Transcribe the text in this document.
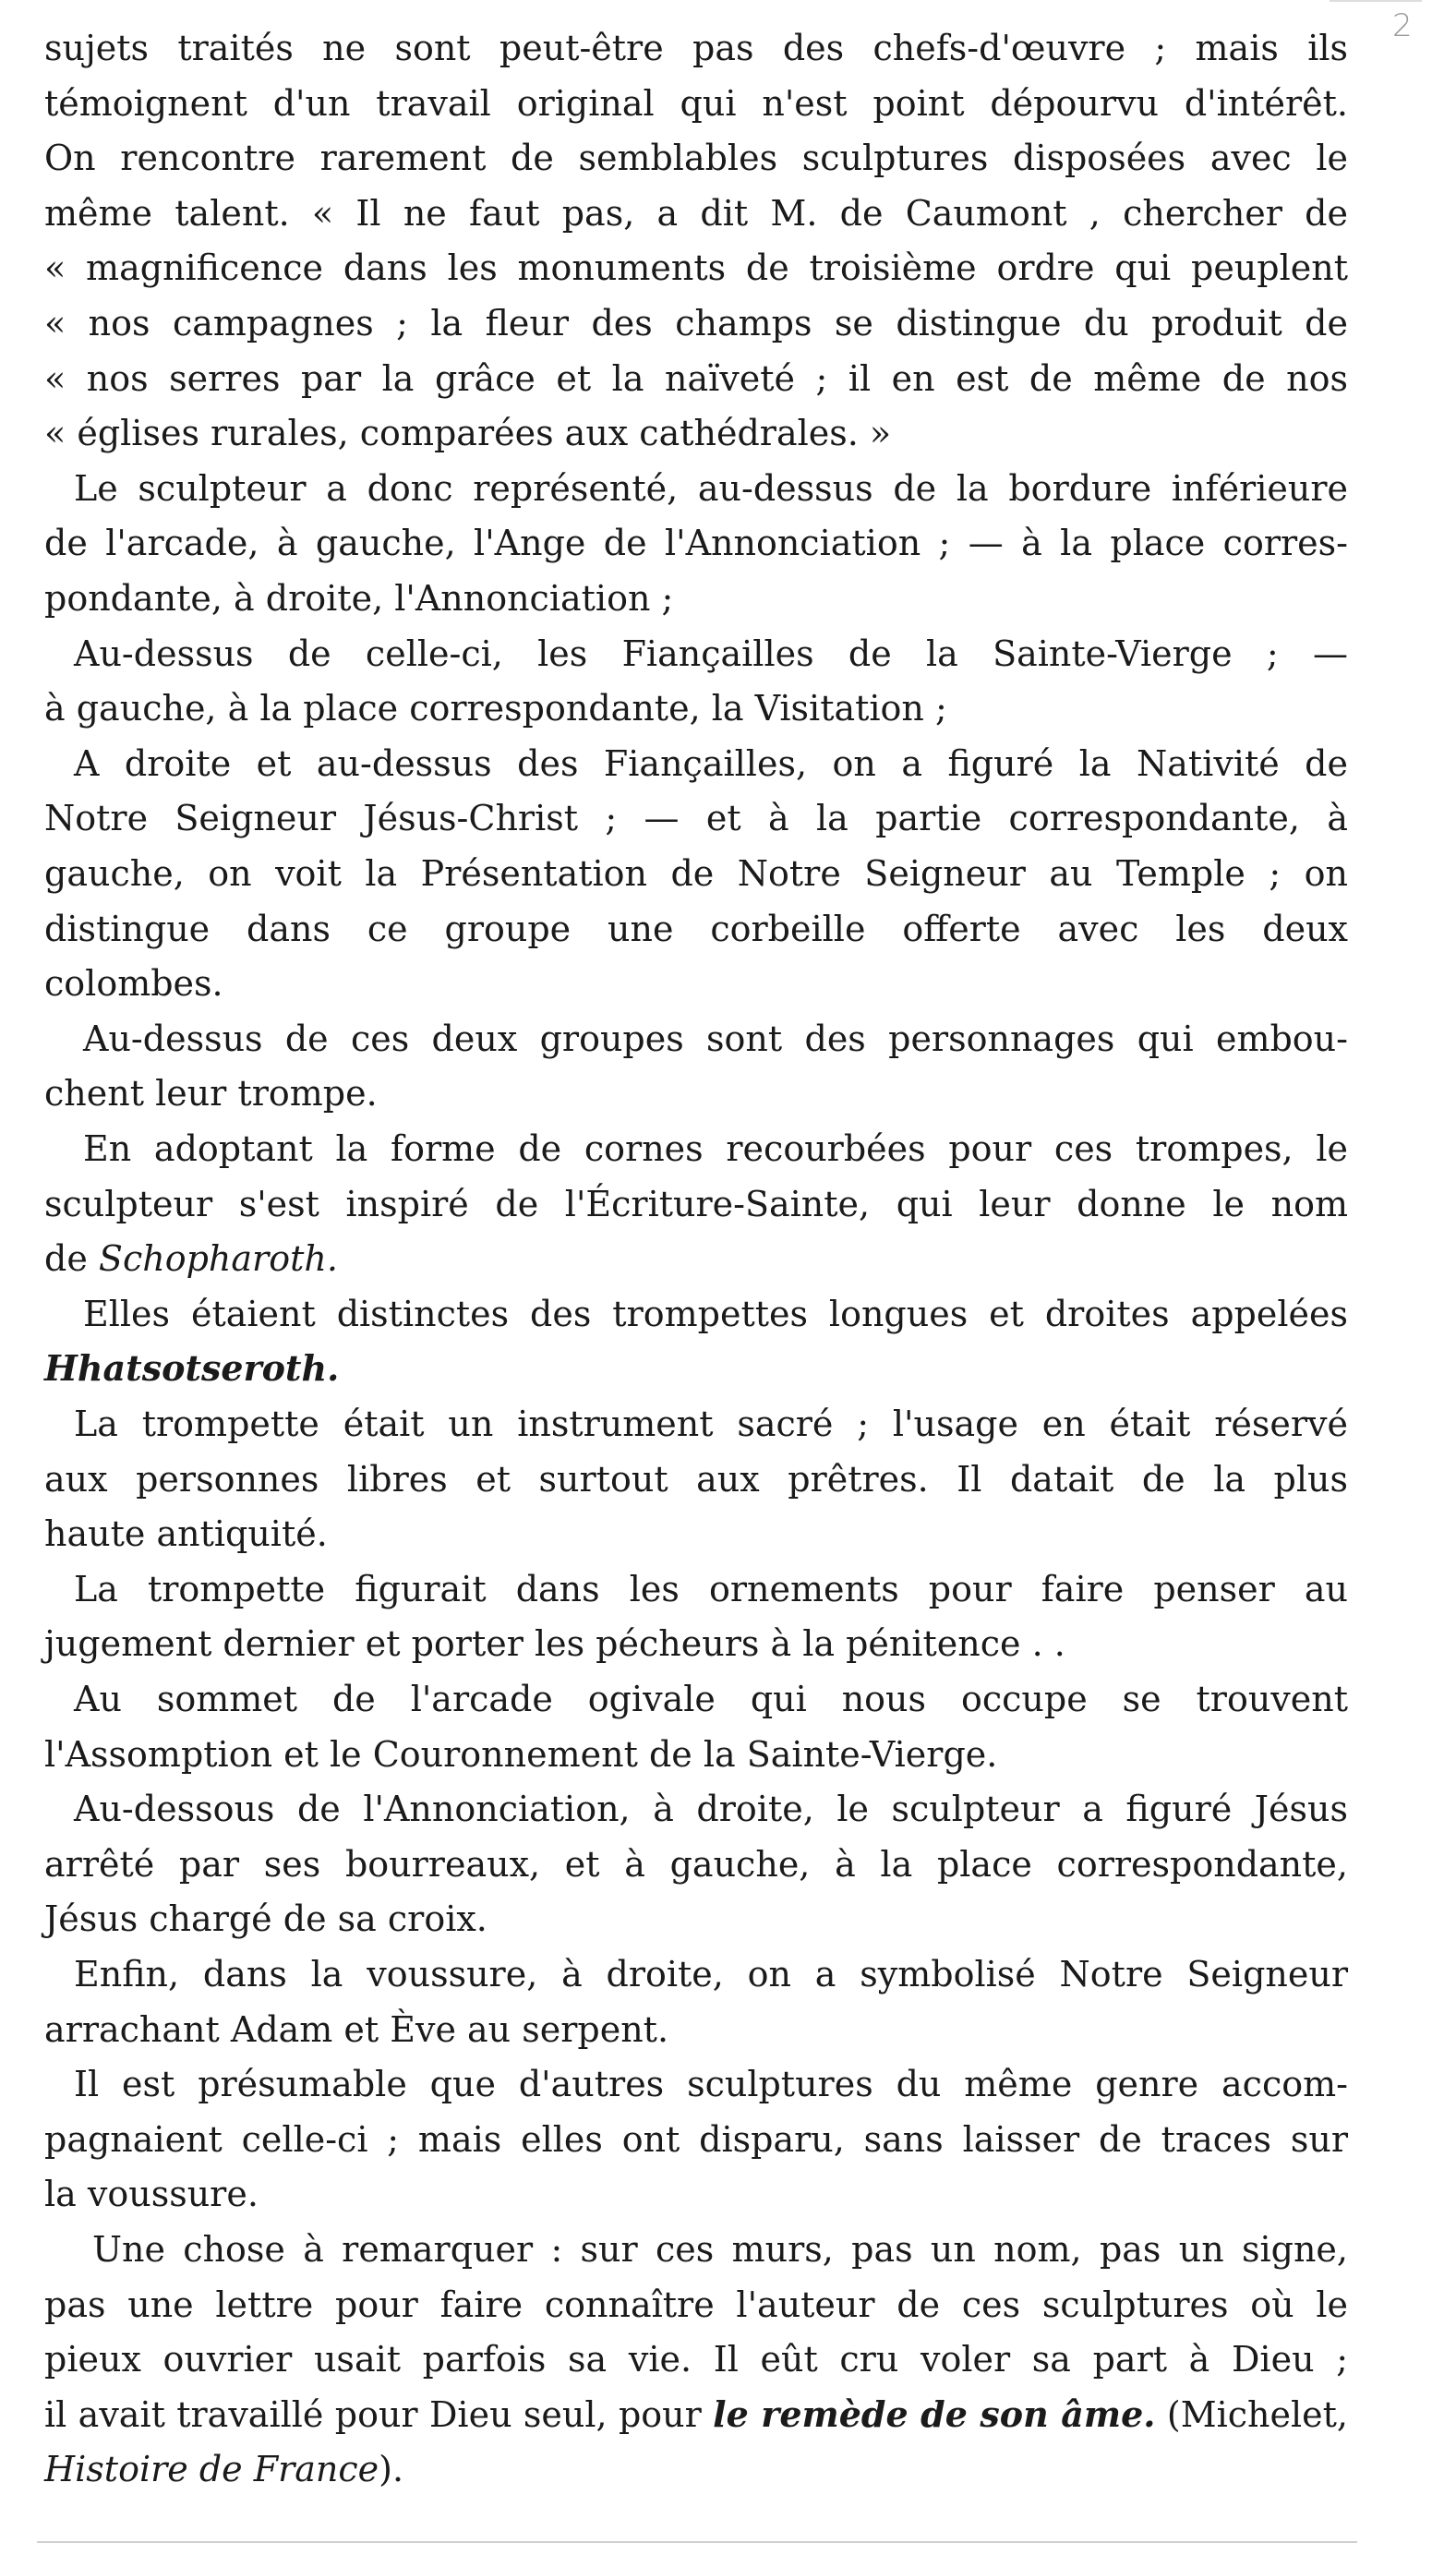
2
sujets traités ne sont peut-être pas des chefs-d'œuvre ; mais ils
témoignent d'un travail original qui n'est point dépourvu d'intérêt.
On rencontre rarement de semblables sculptures disposées avec le
même talent. « Il ne faut pas, a dit M. de Caumont , chercher de
« magnificence dans les monuments de troisième ordre qui peuplent
« nos campagnes ; la fleur des champs se distingue du produit de
« nos serres par la grâce et la naïveté ; il en est de même de nos
« églises rurales, comparées aux cathédrales. »
Le sculpteur a donc représenté, au-dessus de la bordure inférieure
de l'arcade, à gauche, l'Ange de l'Annonciation ; — à la place corres-
pondante, à droite, l'Annonciation ;
Au-dessus de celle-ci, les Fiançailles de la Sainte-Vierge ; —
à gauche, à la place correspondante, la Visitation ;
A droite et au-dessus des Fiançailles, on a figuré la Nativité de
Notre Seigneur Jésus-Christ ; — et à la partie correspondante, à
gauche, on voit la Présentation de Notre Seigneur au Temple ; on
distingue dans ce groupe une corbeille offerte avec les deux
colombes.
Au-dessus de ces deux groupes sont des personnages qui embou-
chent leur trompe.
En adoptant la forme de cornes recourbées pour ces trompes, le
sculpteur s'est inspiré de l'Écriture-Sainte, qui leur donne le nom
de Schopharoth.
Elles étaient distinctes des trompettes longues et droites appelées
Hhatsotseroth.
La trompette était un instrument sacré ; l'usage en était réservé
aux personnes libres et surtout aux prêtres. Il datait de la plus
haute antiquité.
La trompette figurait dans les ornements pour faire penser au
jugement dernier et porter les pécheurs à la pénitence . .
Au sommet de l'arcade ogivale qui nous occupe se trouvent
l'Assomption et le Couronnement de la Sainte-Vierge.
Au-dessous de l'Annonciation, à droite, le sculpteur a figuré Jésus
arrêté par ses bourreaux, et à gauche, à la place correspondante,
Jésus chargé de sa croix.
Enfin, dans la voussure, à droite, on a symbolisé Notre Seigneur
arrachant Adam et Ève au serpent.
Il est présumable que d'autres sculptures du même genre accom-
pagnaient celle-ci ; mais elles ont disparu, sans laisser de traces sur
la voussure.
Une chose à remarquer : sur ces murs, pas un nom, pas un signe,
pas une lettre pour faire connaître l'auteur de ces sculptures où le
pieux ouvrier usait parfois sa vie. Il eût cru voler sa part à Dieu ;
il avait travaillé pour Dieu seul, pour le remède de son âme. (Michelet,
Histoire de France).
